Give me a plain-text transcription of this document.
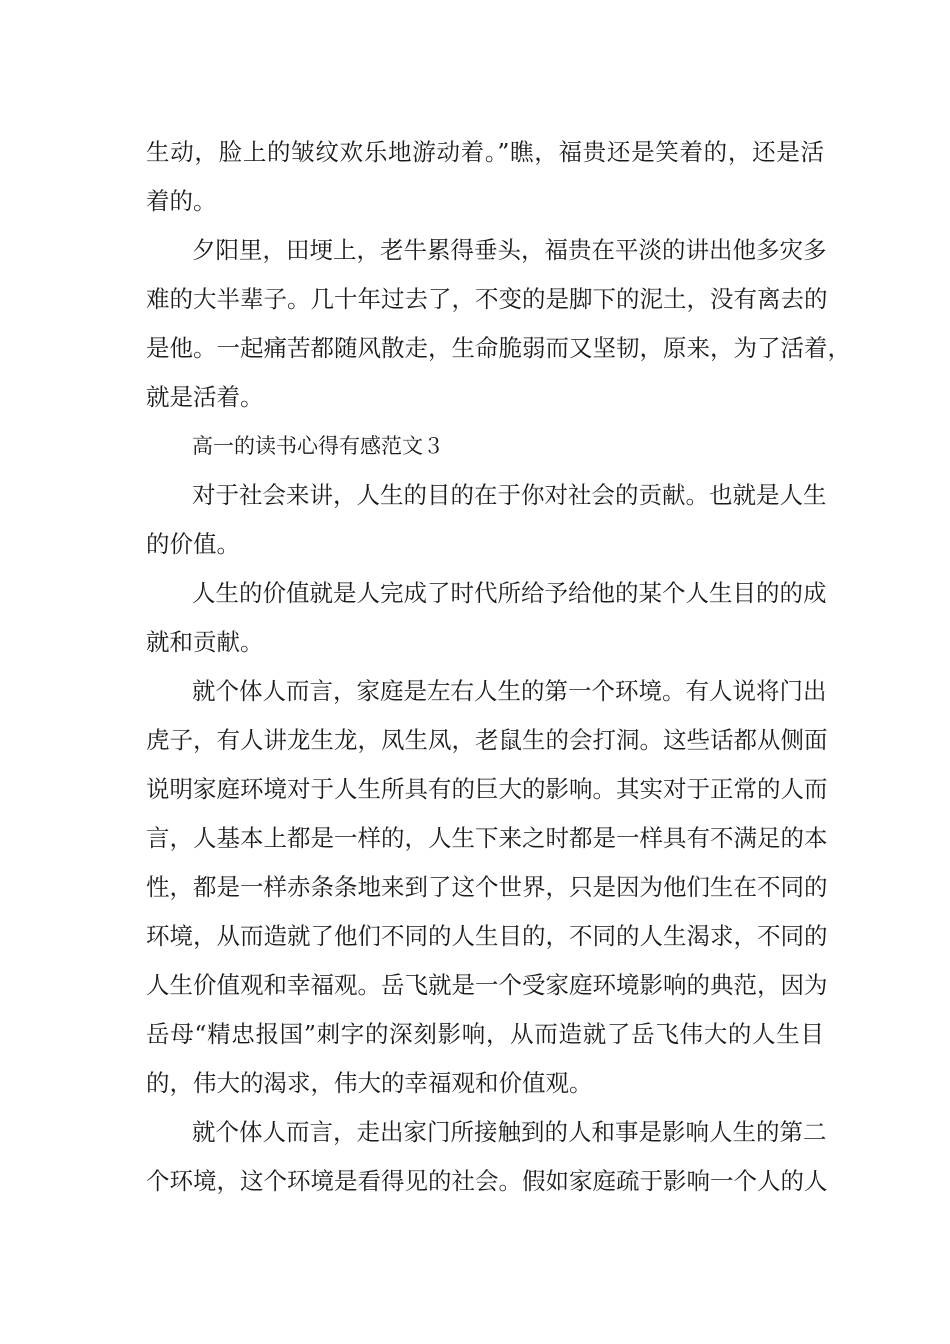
生动，脸上的皱纹欢乐地游动着。”瞧，福贵还是笑着的，还是活
着的。
夕阳里，田埂上，老牛累得垂头，福贵在平淡的讲出他多灾多
难的大半辈子。几十年过去了，不变的是脚下的泥土，没有离去的
是他。一起痛苦都随风散走，生命脆弱而又坚韧，原来，为了活着，
就是活着。
高一的读书心得有感范文３
对于社会来讲，人生的目的在于你对社会的贡献。也就是人生
的价值。
人生的价值就是人完成了时代所给予给他的某个人生目的的成
就和贡献。
就个体人而言，家庭是左右人生的第一个环境。有人说将门出
虎子，有人讲龙生龙，凤生凤，老鼠生的会打洞。这些话都从侧面
说明家庭环境对于人生所具有的巨大的影响。其实对于正常的人而
言，人基本上都是一样的，人生下来之时都是一样具有不满足的本
性，都是一样赤条条地来到了这个世界，只是因为他们生在不同的
环境，从而造就了他们不同的人生目的，不同的人生渴求，不同的
人生价值观和幸福观。岳飞就是一个受家庭环境影响的典范，因为
岳母“精忠报国”刺字的深刻影响，从而造就了岳飞伟大的人生目
的，伟大的渴求，伟大的幸福观和价值观。
就个体人而言，走出家门所接触到的人和事是影响人生的第二
个环境，这个环境是看得见的社会。假如家庭疏于影响一个人的人
